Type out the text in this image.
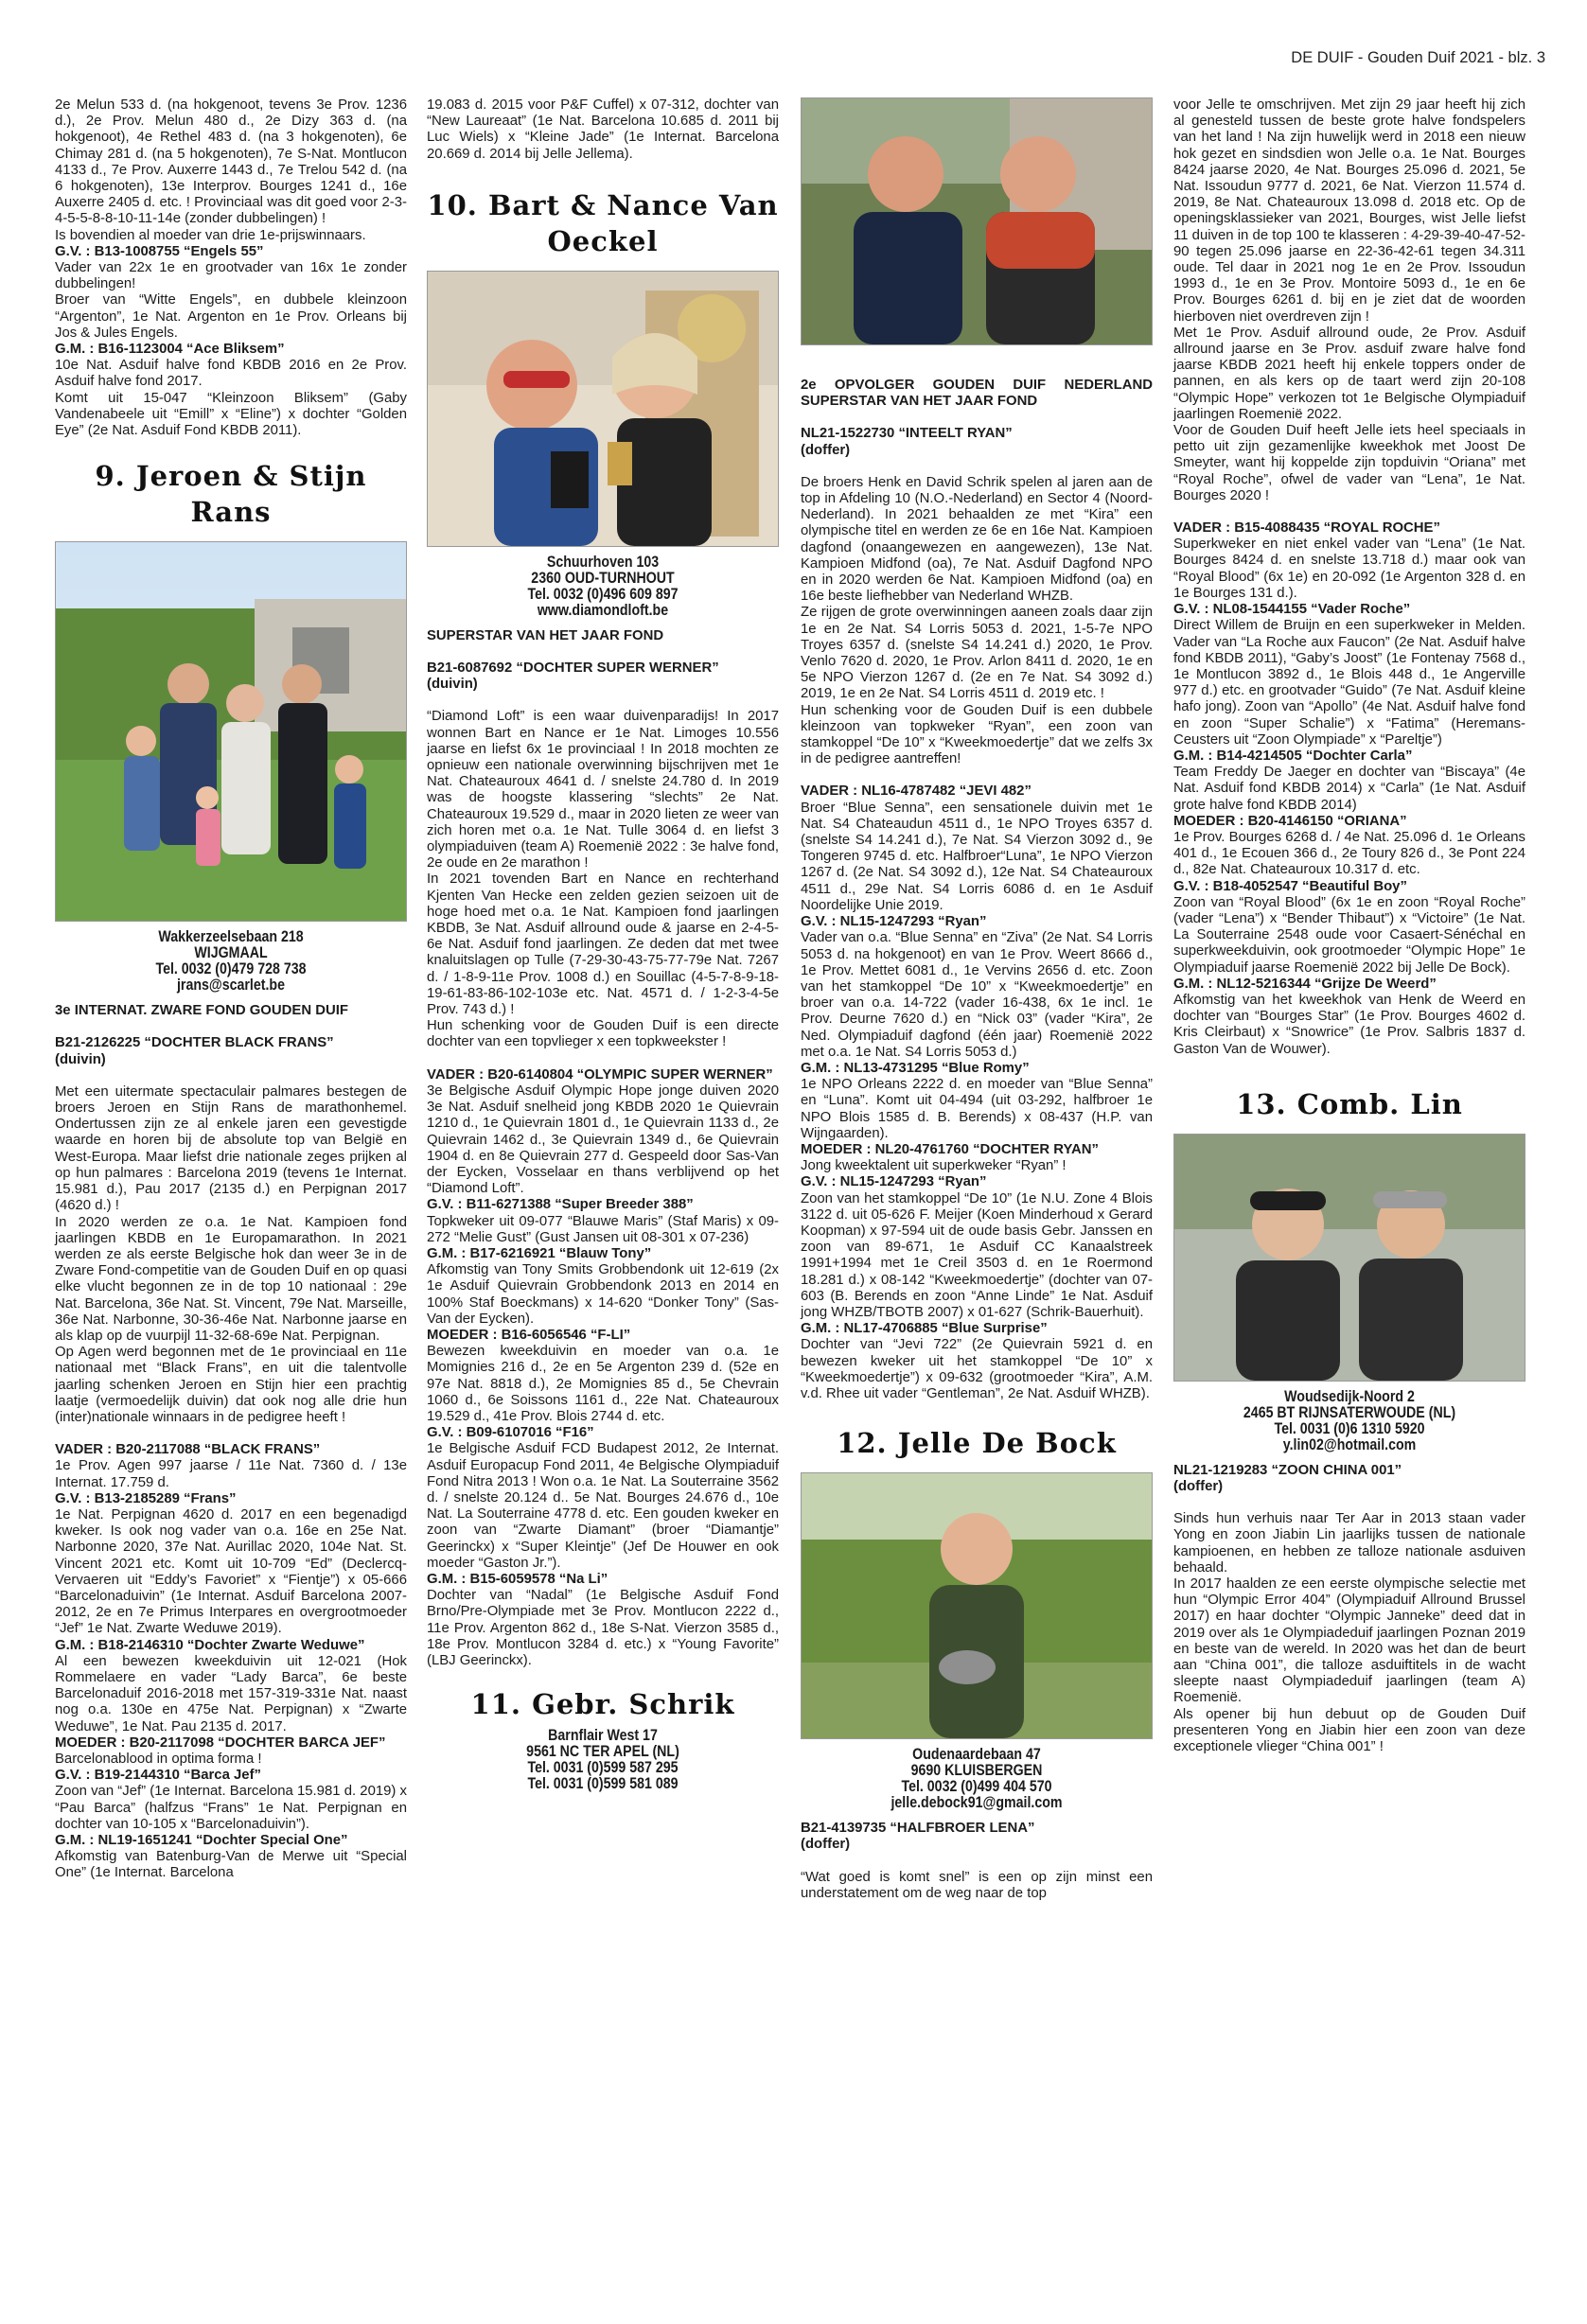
DE DUIF - Gouden Duif 2021 - blz. 3

2e Melun 533 d. (na hokgenoot, tevens 3e Prov. 1236 d.), 2e Prov. Melun 480 d., 2e Dizy 363 d. (na hokgenoot), 4e Rethel 483 d. (na 3 hokgenoten), 6e Chimay 281 d. (na 5 hokgenoten), 7e S-Nat. Montlucon 4133 d., 7e Prov. Auxerre 1443 d., 7e Trelou 542 d. (na 6 hokgenoten), 13e Interprov. Bourges 1241 d., 16e Auxerre 2405 d. etc. ! Provinciaal was dit goed voor 2-3-4-5-5-8-8-10-11-14e (zonder dubbelingen) !

Is bovendien al moeder van drie 1e-prijswinnaars.

G.V. : B13-1008755 “Engels 55”

Vader van 22x 1e en grootvader van 16x 1e zonder dubbelingen!

Broer van “Witte Engels”, en dubbele kleinzoon “Argenton”, 1e Nat. Argenton en 1e Prov. Orleans bij Jos & Jules Engels.

G.M. : B16-1123004 “Ace Bliksem”

10e Nat. Asduif halve fond KBDB 2016 en 2e Prov. Asduif halve fond 2017.

Komt uit 15-047 “Kleinzoon Bliksem” (Gaby Vandenabeele uit “Emill” x “Eline”) x dochter “Golden Eye” (2e Nat. Asduif Fond KBDB 2011).

9. Jeroen & Stijn Rans
Wakkerzeelsebaan 218
WIJGMAAL
Tel. 0032 (0)479 728 738
jrans@scarlet.be

3e INTERNAT. ZWARE FOND GOUDEN DUIF

B21-2126225 “DOCHTER BLACK FRANS”

(duivin)

Met een uitermate spectaculair palmares bestegen de broers Jeroen en Stijn Rans de marathonhemel. Ondertussen zijn ze al enkele jaren een gevestigde waarde en horen bij de absolute top van België en West-Europa. Maar liefst drie nationale zeges prijken al op hun palmares : Barcelona 2019 (tevens 1e Internat. 15.981 d.), Pau 2017 (2135 d.) en Perpignan 2017 (4620 d.) !

In 2020 werden ze o.a. 1e Nat. Kampioen fond jaarlingen KBDB en 1e Europamarathon. In 2021 werden ze als eerste Belgische hok dan weer 3e in de Zware Fond-competitie van de Gouden Duif en op quasi elke vlucht begonnen ze in de top 10 nationaal : 29e Nat. Barcelona, 36e Nat. St. Vincent, 79e Nat. Marseille, 36e Nat. Narbonne, 30-36-46e Nat. Narbonne jaarse en als klap op de vuurpijl 11-32-68-69e Nat. Perpignan.

Op Agen werd begonnen met de 1e provinciaal en 11e nationaal met “Black Frans”, en uit die talentvolle jaarling schenken Jeroen en Stijn hier een prachtig laatje (vermoedelijk duivin) dat ook nog alle drie hun (inter)nationale winnaars in de pedigree heeft !

VADER : B20-2117088 “BLACK FRANS”

1e Prov. Agen 997 jaarse / 11e Nat. 7360 d. / 13e Internat. 17.759 d.

G.V. : B13-2185289 “Frans”

1e Nat. Perpignan 4620 d. 2017 en een begenadigd kweker. Is ook nog vader van o.a. 16e en 25e Nat. Narbonne 2020, 37e Nat. Aurillac 2020, 104e Nat. St. Vincent 2021 etc. Komt uit 10-709 “Ed” (Declercq-Vervaeren uit “Eddy’s Favoriet” x “Fientje”) x 05-666 “Barcelonaduivin” (1e Internat. Asduif Barcelona 2007-2012, 2e en 7e Primus Interpares en overgrootmoeder “Jef” 1e Nat. Zwarte Weduwe 2019).

G.M. : B18-2146310 “Dochter Zwarte Weduwe”

Al een bewezen kweekduivin uit 12-021 (Hok Rommelaere en vader “Lady Barca”, 6e beste Barcelonaduif 2016-2018 met 157-319-331e Nat. naast nog o.a. 130e en 475e Nat. Perpignan) x “Zwarte Weduwe”, 1e Nat. Pau 2135 d. 2017.

MOEDER : B20-2117098 “DOCHTER BARCA JEF”

Barcelonablood in optima forma !

G.V. : B19-2144310 “Barca Jef”

Zoon van “Jef” (1e Internat. Barcelona 15.981 d. 2019) x “Pau Barca” (halfzus “Frans” 1e Nat. Perpignan en dochter van 10-105 x “Barcelonaduivin”).

G.M. : NL19-1651241 “Dochter Special One”

Afkomstig van Batenburg-Van de Merwe uit “Special One” (1e Internat. Barcelona

19.083 d. 2015 voor P&F Cuffel) x 07-312, dochter van “New Laureaat” (1e Nat. Barcelona 10.685 d. 2011 bij Luc Wiels) x “Kleine Jade” (1e Internat. Barcelona 20.669 d. 2014 bij Jelle Jellema).

10. Bart & Nance Van Oeckel
Schuurhoven 103
2360 OUD-TURNHOUT
Tel. 0032 (0)496 609 897
www.diamondloft.be

SUPERSTAR VAN HET JAAR FOND

B21-6087692 “DOCHTER SUPER WERNER”

(duivin)

“Diamond Loft” is een waar duivenparadijs! In 2017 wonnen Bart en Nance er 1e Nat. Limoges 10.556 jaarse en liefst 6x 1e provinciaal ! In 2018 mochten ze opnieuw een nationale overwinning bijschrijven met 1e Nat. Chateauroux 4641 d. / snelste 24.780 d. In 2019 was de hoogste klassering “slechts” 2e Nat. Chateauroux 19.529 d., maar in 2020 lieten ze weer van zich horen met o.a. 1e Nat. Tulle 3064 d. en liefst 3 olympiaduiven (team A) Roemenië 2022 : 3e halve fond, 2e oude en 2e marathon !

In 2021 tovenden Bart en Nance en rechterhand Kjenten Van Hecke een zelden gezien seizoen uit de hoge hoed met o.a. 1e Nat. Kampioen fond jaarlingen KBDB, 3e Nat. Asduif allround oude & jaarse en 2-4-5-6e Nat. Asduif fond jaarlingen. Ze deden dat met twee knaluitslagen op Tulle (7-29-30-43-75-77-79e Nat. 7267 d. / 1-8-9-11e Prov. 1008 d.) en Souillac (4-5-7-8-9-18-19-61-83-86-102-103e etc. Nat. 4571 d. / 1-2-3-4-5e Prov. 743 d.) !

Hun schenking voor de Gouden Duif is een directe dochter van een topvlieger x een topkweekster !

VADER : B20-6140804 “OLYMPIC SUPER WERNER”

3e Belgische Asduif Olympic Hope jonge duiven 2020 3e Nat. Asduif snelheid jong KBDB 2020 1e Quievrain 1210 d., 1e Quievrain 1801 d., 1e Quievrain 1133 d., 2e Quievrain 1462 d., 3e Quievrain 1349 d., 6e Quievrain 1904 d. en 8e Quievrain 277 d. Gespeeld door Sas-Van der Eycken, Vosselaar en thans verblijvend op het “Diamond Loft”.

G.V. : B11-6271388 “Super Breeder 388”

Topkweker uit 09-077 “Blauwe Maris” (Staf Maris) x 09-272 “Melie Gust” (Gust Jansen uit 08-301 x 07-236)

G.M. : B17-6216921 “Blauw Tony”

Afkomstig van Tony Smits Grobbendonk uit 12-619 (2x 1e Asduif Quievrain Grobbendonk 2013 en 2014 en 100% Staf Boeckmans) x 14-620 “Donker Tony” (Sas-Van der Eycken).

MOEDER : B16-6056546 “F-LI”

Bewezen kweekduivin en moeder van o.a. 1e Momignies 216 d., 2e en 5e Argenton 239 d. (52e en 97e Nat. 8818 d.), 2e Momignies 85 d., 5e Chevrain 1060 d., 6e Soissons 1161 d., 22e Nat. Chateauroux 19.529 d., 41e Prov. Blois 2744 d. etc.

G.V. : B09-6107016 “F16”

1e Belgische Asduif FCD Budapest 2012, 2e Internat. Asduif Europacup Fond 2011, 4e Belgische Olympiaduif Fond Nitra 2013 ! Won o.a. 1e Nat. La Souterraine 3562 d. / snelste 20.124 d.. 5e Nat. Bourges 24.676 d., 10e Nat. La Souterraine 4778 d. etc. Een gouden kweker en zoon van “Zwarte Diamant” (broer “Diamantje” Geerinckx) x “Super Kleintje” (Jef De Houwer en ook moeder “Gaston Jr.”).

G.M. : B15-6059578 “Na Li”

Dochter van “Nadal” (1e Belgische Asduif Fond Brno/Pre-Olympiade met 3e Prov. Montlucon 2222 d., 11e Prov. Argenton 862 d., 18e S-Nat. Vierzon 3585 d., 18e Prov. Montlucon 3284 d. etc.) x “Young Favorite” (LBJ Geerinckx).

11. Gebr. Schrik
Barnflair West 17
9561 NC TER APEL (NL)
Tel. 0031 (0)599 587 295
Tel. 0031 (0)599 581 089

2e OPVOLGER GOUDEN DUIF NEDERLAND SUPERSTAR VAN HET JAAR FOND

NL21-1522730 “INTEELT RYAN”

(doffer)

De broers Henk en David Schrik spelen al jaren aan de top in Afdeling 10 (N.O.-Nederland) en Sector 4 (Noord-Nederland). In 2021 behaalden ze met “Kira” een olympische titel en werden ze 6e en 16e Nat. Kampioen dagfond (onaangewezen en aangewezen), 13e Nat. Kampioen Midfond (oa), 7e Nat. Asduif Dagfond NPO en in 2020 werden 6e Nat. Kampioen Midfond (oa) en 16e beste liefhebber van Nederland WHZB.

Ze rijgen de grote overwinningen aaneen zoals daar zijn 1e en 2e Nat. S4 Lorris 5053 d. 2021, 1-5-7e NPO Troyes 6357 d. (snelste S4 14.241 d.) 2020, 1e Prov. Venlo 7620 d. 2020, 1e Prov. Arlon 8411 d. 2020, 1e en 5e NPO Vierzon 1267 d. (2e en 7e Nat. S4 3092 d.) 2019, 1e en 2e Nat. S4 Lorris 4511 d. 2019 etc. !

Hun schenking voor de Gouden Duif is een dubbele kleinzoon van topkweker “Ryan”, een zoon van stamkoppel “De 10” x “Kweekmoedertje” dat we zelfs 3x in de pedigree aantreffen!

VADER : NL16-4787482 “JEVI 482”

Broer “Blue Senna”, een sensationele duivin met 1e Nat. S4 Chateaudun 4511 d., 1e NPO Troyes 6357 d. (snelste S4 14.241 d.), 7e Nat. S4 Vierzon 3092 d., 9e Tongeren 9745 d. etc. Halfbroer“Luna”, 1e NPO Vierzon 1267 d. (2e Nat. S4 3092 d.), 12e Nat. S4 Chateauroux 4511 d., 29e Nat. S4 Lorris 6086 d. en 1e Asduif Noordelijke Unie 2019.

G.V. : NL15-1247293 “Ryan”

Vader van o.a. “Blue Senna” en “Ziva” (2e Nat. S4 Lorris 5053 d. na hokgenoot) en van 1e Prov. Weert 8666 d., 1e Prov. Mettet 6081 d., 1e Vervins 2656 d. etc. Zoon van het stamkoppel “De 10” x “Kweekmoedertje” en broer van o.a. 14-722 (vader 16-438, 6x 1e incl. 1e Prov. Deurne 7620 d.) en “Nick 03” (vader “Kira”, 2e Ned. Olympiaduif dagfond (één jaar) Roemenië 2022 met o.a. 1e Nat. S4 Lorris 5053 d.)

G.M. : NL13-4731295 “Blue Romy”

1e NPO Orleans 2222 d. en moeder van “Blue Senna” en “Luna”. Komt uit 04-494 (uit 03-292, halfbroer 1e NPO Blois 1585 d. B. Berends) x 08-437 (H.P. van Wijngaarden).

MOEDER : NL20-4761760 “DOCHTER RYAN”

Jong kweektalent uit superkweker “Ryan” !

G.V. : NL15-1247293 “Ryan”

Zoon van het stamkoppel “De 10” (1e N.U. Zone 4 Blois 3122 d. uit 05-626 F. Meijer (Koen Minderhoud x Gerard Koopman) x 97-594 uit de oude basis Gebr. Janssen en zoon van 89-671, 1e Asduif CC Kanaalstreek 1991+1994 met 1e Creil 3503 d. en 1e Roermond 18.281 d.) x 08-142 “Kweekmoedertje” (dochter van 07-603 (B. Berends en zoon “Anne Linde” 1e Nat. Asduif jong WHZB/TBOTB 2007) x 01-627 (Schrik-Bauerhuit).

G.M. : NL17-4706885 “Blue Surprise”

Dochter van “Jevi 722” (2e Quievrain 5921 d. en bewezen kweker uit het stamkoppel “De 10” x “Kweekmoedertje”) x 09-632 (grootmoeder “Kira”, A.M. v.d. Rhee uit vader “Gentleman”, 2e Nat. Asduif WHZB).

12. Jelle De Bock
Oudenaardebaan 47
9690 KLUISBERGEN
Tel. 0032 (0)499 404 570
jelle.debock91@gmail.com

B21-4139735 “HALFBROER LENA”

(doffer)

“Wat goed is komt snel” is een op zijn minst een understatement om de weg naar de top

voor Jelle te omschrijven. Met zijn 29 jaar heeft hij zich al genesteld tussen de beste grote halve fondspelers van het land ! Na zijn huwelijk werd in 2018 een nieuw hok gezet en sindsdien won Jelle o.a. 1e Nat. Bourges 8424 jaarse 2020, 4e Nat. Bourges 25.096 d. 2021, 5e Nat. Issoudun 9777 d. 2021, 6e Nat. Vierzon 11.574 d. 2019, 8e Nat. Chateauroux 13.098 d. 2018 etc. Op de openingsklassieker van 2021, Bourges, wist Jelle liefst 11 duiven in de top 100 te klasseren : 4-29-39-40-47-52-90 tegen 25.096 jaarse en 22-36-42-61 tegen 34.311 oude. Tel daar in 2021 nog 1e en 2e Prov. Issoudun 1993 d., 1e en 3e Prov. Montoire 5093 d., 1e en 6e Prov. Bourges 6261 d. bij en je ziet dat de woorden hierboven niet overdreven zijn !

Met 1e Prov. Asduif allround oude, 2e Prov. Asduif allround jaarse en 3e Prov. asduif zware halve fond jaarse KBDB 2021 heeft hij enkele toppers onder de pannen, en als kers op de taart werd zijn 20-108 “Olympic Hope” verkozen tot 1e Belgische Olympiaduif jaarlingen Roemenië 2022.

Voor de Gouden Duif heeft Jelle iets heel speciaals in petto uit zijn gezamenlijke kweekhok met Joost De Smeyter, want hij koppelde zijn topduivin “Oriana” met “Royal Roche”, ofwel de vader van “Lena”, 1e Nat. Bourges 2020 !

VADER : B15-4088435 “ROYAL ROCHE”

Superkweker en niet enkel vader van “Lena” (1e Nat. Bourges 8424 d. en snelste 13.718 d.) maar ook van “Royal Blood” (6x 1e) en 20-092 (1e Argenton 328 d. en 1e Bourges 131 d.).

G.V. : NL08-1544155 “Vader Roche”

Direct Willem de Bruijn en een superkweker in Melden. Vader van “La Roche aux Faucon” (2e Nat. Asduif halve fond KBDB 2011), “Gaby’s Joost” (1e Fontenay 7568 d., 1e Montlucon 3892 d., 1e Blois 448 d., 1e Angerville 977 d.) etc. en grootvader “Guido” (7e Nat. Asduif kleine hafo jong). Zoon van “Apollo” (4e Nat. Asduif halve fond en zoon “Super Schalie”) x “Fatima” (Heremans-Ceusters uit “Zoon Olympiade” x “Pareltje”)

G.M. : B14-4214505 “Dochter Carla”

Team Freddy De Jaeger en dochter van “Biscaya” (4e Nat. Asduif fond KBDB 2014) x “Carla” (1e Nat. Asduif grote halve fond KBDB 2014)

MOEDER : B20-4146150 “ORIANA”

1e Prov. Bourges 6268 d. / 4e Nat. 25.096 d. 1e Orleans 401 d., 1e Ecouen 366 d., 2e Toury 826 d., 3e Pont 224 d., 82e Nat. Chateauroux 10.317 d. etc.

G.V. : B18-4052547 “Beautiful Boy”

Zoon van “Royal Blood” (6x 1e en zoon “Royal Roche” (vader “Lena”) x “Bender Thibaut”) x “Victoire” (1e Nat. La Souterraine 2548 oude voor Casaert-Sénéchal en superkweekduivin, ook grootmoeder “Olympic Hope” 1e Olympiaduif jaarse Roemenië 2022 bij Jelle De Bock).

G.M. : NL12-5216344 “Grijze De Weerd”

Afkomstig van het kweekhok van Henk de Weerd en dochter van “Bourges Star” (1e Prov. Bourges 4602 d. Kris Cleirbaut) x “Snowrice” (1e Prov. Salbris 1837 d. Gaston Van de Wouwer).

13. Comb. Lin
Woudsedijk-Noord 2
2465 BT RIJNSATERWOUDE (NL)
Tel. 0031 (0)6 1310 5920
y.lin02@hotmail.com

NL21-1219283 “ZOON CHINA 001”

(doffer)

Sinds hun verhuis naar Ter Aar in 2013 staan vader Yong en zoon Jiabin Lin jaarlijks tussen de nationale kampioenen, en hebben ze talloze nationale asduiven behaald.

In 2017 haalden ze een eerste olympische selectie met hun “Olympic Error 404” (Olympiaduif Allround Brussel 2017) en haar dochter “Olympic Janneke” deed dat in 2019 over als 1e Olympiadeduif jaarlingen Poznan 2019 en beste van de wereld. In 2020 was het dan de beurt aan “China 001”, die talloze asduiftitels in de wacht sleepte naast Olympiadeduif jaarlingen (team A) Roemenië.

Als opener bij hun debuut op de Gouden Duif presenteren Yong en Jiabin hier een zoon van deze exceptionele vlieger “China 001” !
